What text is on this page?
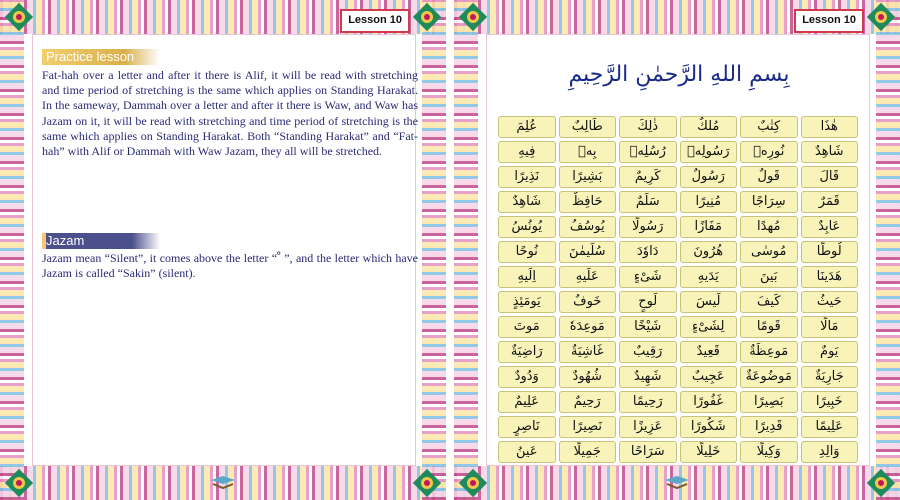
Lesson 10
Practice lesson
Fat-hah over a letter and after it there is Alif, it will be read with stretching and time period of stretching is the same which applies on Standing Harakat. In the sameway, Dammah over a letter and after it there is Waw, and Waw has Jazam on it, it will be read with stretching and time period of stretching is the same which applies on Standing Harakat. Both “Standing Harakat” and “Fat-hah” with Alif or Dammah with Waw Jazam, they all will be stretched.
Jazam
Jazam mean “Silent”, it comes above the letter “ ْ ”, and the letter which have Jazam is called “Sakin” (silent).
Lesson 10
بِسمِ اللهِ الرَّحمٰنِ الرَّحِيمِ
هٰذَا
كِتٰبٌ
مُلكٌ
ذٰلِكَ
طَالِبٌ
عُلِمَ
شَاهِدٌ
نُورِهٖ
رَسُولِهٖ
رُسُلِهٖ
بِهٖ
فِيهِ
قَالَ
قَولٌ
رَسُولٌ
كَرِيمٌ
بَشِيرًا
نَذِيرًا
قَمَرٌ
سِرَاجًا
مُنِيرًا
سَلَمٌ
حَافِظٌ
شَاهِدٌ
عَابِدٌ
مُهدًا
مَفَازًا
رَسُولًا
يُوسُفُ
يُونُسُ
لُوطًا
مُوسٰى
هُرُونَ
دَاوٗدَ
سُلَيمٰنَ
نُوحًا
هَدَينَا
بَينَ
يَدَيهِ
شَىْءٍ
عَلَيهِ
اِلَيهِ
حَيثُ
كَيفَ
لَيسَ
لَوحٍ
خَوفٌ
يَومَئِذٍ
مَالًا
قَومًا
لِشَىْءٍ
شَيْخًا
مَوعِدَهٗ
مَوتَ
يَومٌ
مَوعِظَةٌ
قَعِيدٌ
رَقِيبٌ
غَاشِيَةٌ
رَاضِيَةٌ
جَارِيَةٌ
مَوضُوعَةٌ
عَجِيبٌ
شَهِيدٌ
شُهُودٌ
وَدُودٌ
خَبِيرًا
بَصِيرًا
غَفُورًا
رَحِيمًا
رَحِيمٌ
عَلِيمٌ
عَلِيمًا
قَدِيرًا
شَكُورًا
عَزِيزًا
نَصِيرًا
نَاصِرٍ
وَالِدِ
وَكِيلًا
خَلِيلًا
سَرَاحًا
جَمِيلًا
عَينُ
